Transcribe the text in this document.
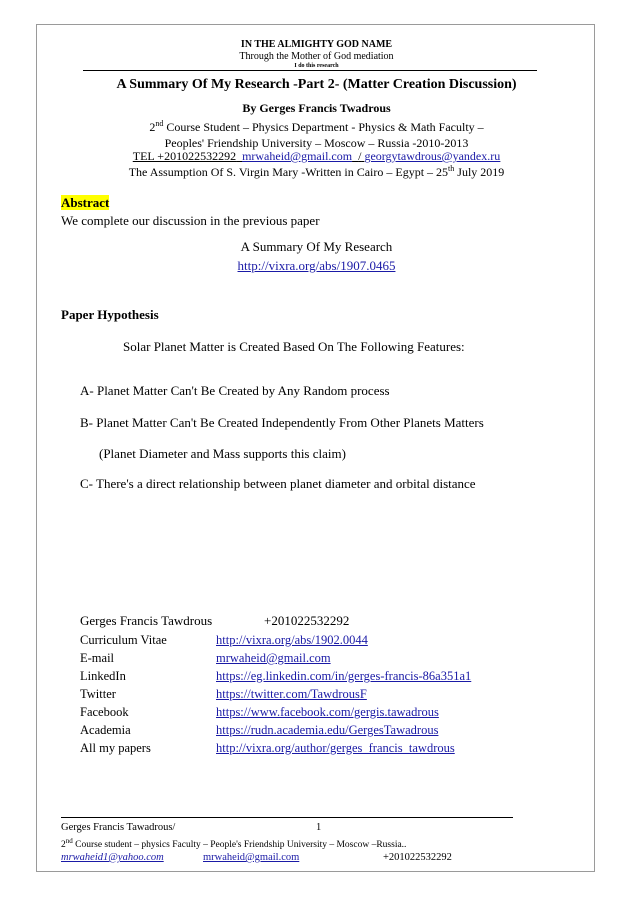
IN THE ALMIGHTY GOD NAME
Through the Mother of God mediation
I do this research
A Summary Of My Research -Part 2- (Matter Creation Discussion)
By Gerges Francis Twadrous
2nd Course Student – Physics Department - Physics & Math Faculty –
Peoples' Friendship University – Moscow – Russia -2010-2013
TEL +201022532292 mrwaheid@gmail.com / georgytawdrous@yandex.ru
The Assumption Of S. Virgin Mary -Written in Cairo – Egypt – 25th July 2019
Abstract
We complete our discussion in the previous paper
A Summary Of My Research
http://vixra.org/abs/1907.0465
Paper Hypothesis
Solar Planet Matter is Created Based On The Following Features:
A- Planet Matter Can't Be Created by Any Random process
B- Planet Matter Can't Be Created Independently From Other Planets Matters
(Planet Diameter and Mass supports this claim)
C- There's a direct relationship between planet diameter and orbital distance
Gerges Francis Tawdrous	+201022532292
Curriculum Vitae	http://vixra.org/abs/1902.0044
E-mail	mrwaheid@gmail.com
LinkedIn	https://eg.linkedin.com/in/gerges-francis-86a351a1
Twitter	https://twitter.com/TawdrousF
Facebook	https://www.facebook.com/gergis.tawadrous
Academia	https://rudn.academia.edu/GergesTawadrous
All my papers	http://vixra.org/author/gerges_francis_tawdrous
Gerges Francis Tawadrous/	1
2nd Course student – physics Faculty – People's Friendship University – Moscow –Russia..
mrwaheid1@yahoo.com	mrwaheid@gmail.com	+201022532292
